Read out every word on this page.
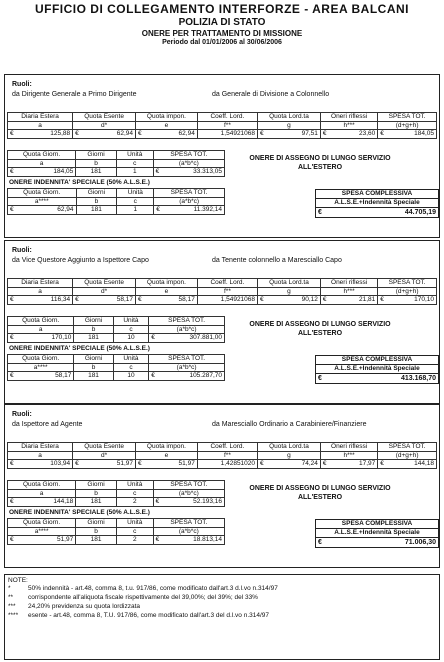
UFFICIO DI COLLEGAMENTO INTERFORZE - AREA BALCANI
POLIZIA DI STATO
ONERE PER TRATTAMENTO DI MISSIONE
Periodo dal 01/01/2006 al 30/06/2006
Ruoli:
da Dirigente Generale a Primo Dirigente	da Generale di Divisione a Colonnello
Diaria Estera	Quota Esente		Quota impon.		Coeff. Lord.	Quota Lord.ta		Oneri riflessi		SPESA TOT.	
a	d*		e		f**	g		h***		(d+g+h)	

€ 125,88	€	62,94	€	62,94	1,54921068	€	97,51	€	23,60	€	184,05
Quota Giorn.		Giorni	Unità	SPESA TOT.	
a		b	c	(a*b*c)	
€	184,05	181	1	€	33.313,05
ONERE DI ASSEGNO DI LUNGO SERVIZIO ALL'ESTERO
ONERE INDENNITA' SPECIALE (50% A.L.S.E.)
Quota Giorn.		Giorni	Unità	SPESA TOT.	
a****		b	c	(a*b*c)	
€	62,94	181	1	€	11.392,14
SPESA COMPLESSIVA
A.L.S.E.+Indennità Speciale
€	44.705,19
Ruoli:
da Vice Questore Aggiunto a Ispettore Capo	da Tenente colonnello a Maresciallo Capo
Diaria Estera	Quota Esente		Quota impon.		Coeff. Lord.	Quota Lord.ta		Oneri riflessi		SPESA TOT.	
a	d*		e		f**	g		h***		(d+g+h)	

€ 116,34	€	58,17	€	58,17	1,54921068	€	90,12	€	21,81	€	170,10
Quota Giorn.		Giorni	Unità	SPESA TOT.	
a		b	c	(a*b*c)	
€	170,10	181	10	€	307.881,00
ONERE DI ASSEGNO DI LUNGO SERVIZIO ALL'ESTERO
ONERE INDENNITA' SPECIALE (50% A.L.S.E.)
Quota Giorn.		Giorni	Unità	SPESA TOT.	
a****		b	c	(a*b*c)	
€	58,17	181	10	€	105.287,70
SPESA COMPLESSIVA
A.L.S.E.+Indennità Speciale
€	413.168,70
Ruoli:
da Ispettore ad Agente	da Maresciallo Ordinario a Carabiniere/Finanziere
Diaria Estera	Quota Esente		Quota impon.		Coeff. Lord.	Quota Lord.ta		Oneri riflessi		SPESA TOT.	
a	d*		e		f**	g		h***		(d+g+h)	

€ 103,94	€	51,97	€	51,97	1,42851020	€	74,24	€	17,97	€	144,18
Quota Giorn.		Giorni	Unità	SPESA TOT.	
a		b	c	(a*b*c)	
€	144,18	181	2	€	52.193,16
ONERE DI ASSEGNO DI LUNGO SERVIZIO ALL'ESTERO
ONERE INDENNITA' SPECIALE (50% A.L.S.E.)
Quota Giorn.		Giorni	Unità	SPESA TOT.	
a****		b	c	(a*b*c)	
€	51,97	181	2	€	18.813,14
SPESA COMPLESSIVA
A.L.S.E.+Indennità Speciale
€	71.006,30
NOTE:
*	50% indennità - art.48, comma 8, t.u. 917/86, come modificato dall'art.3 d.l.vo n.314/97
**	corrispondente all'aliquota fiscale rispettivamente del 39,00%; del 39%; del 33%
***	24,20% previdenza su quota lordizzata
****	esente - art.48, comma 8, T.U. 917/86, come modificato dall'art.3 del d.l.vo n.314/97
